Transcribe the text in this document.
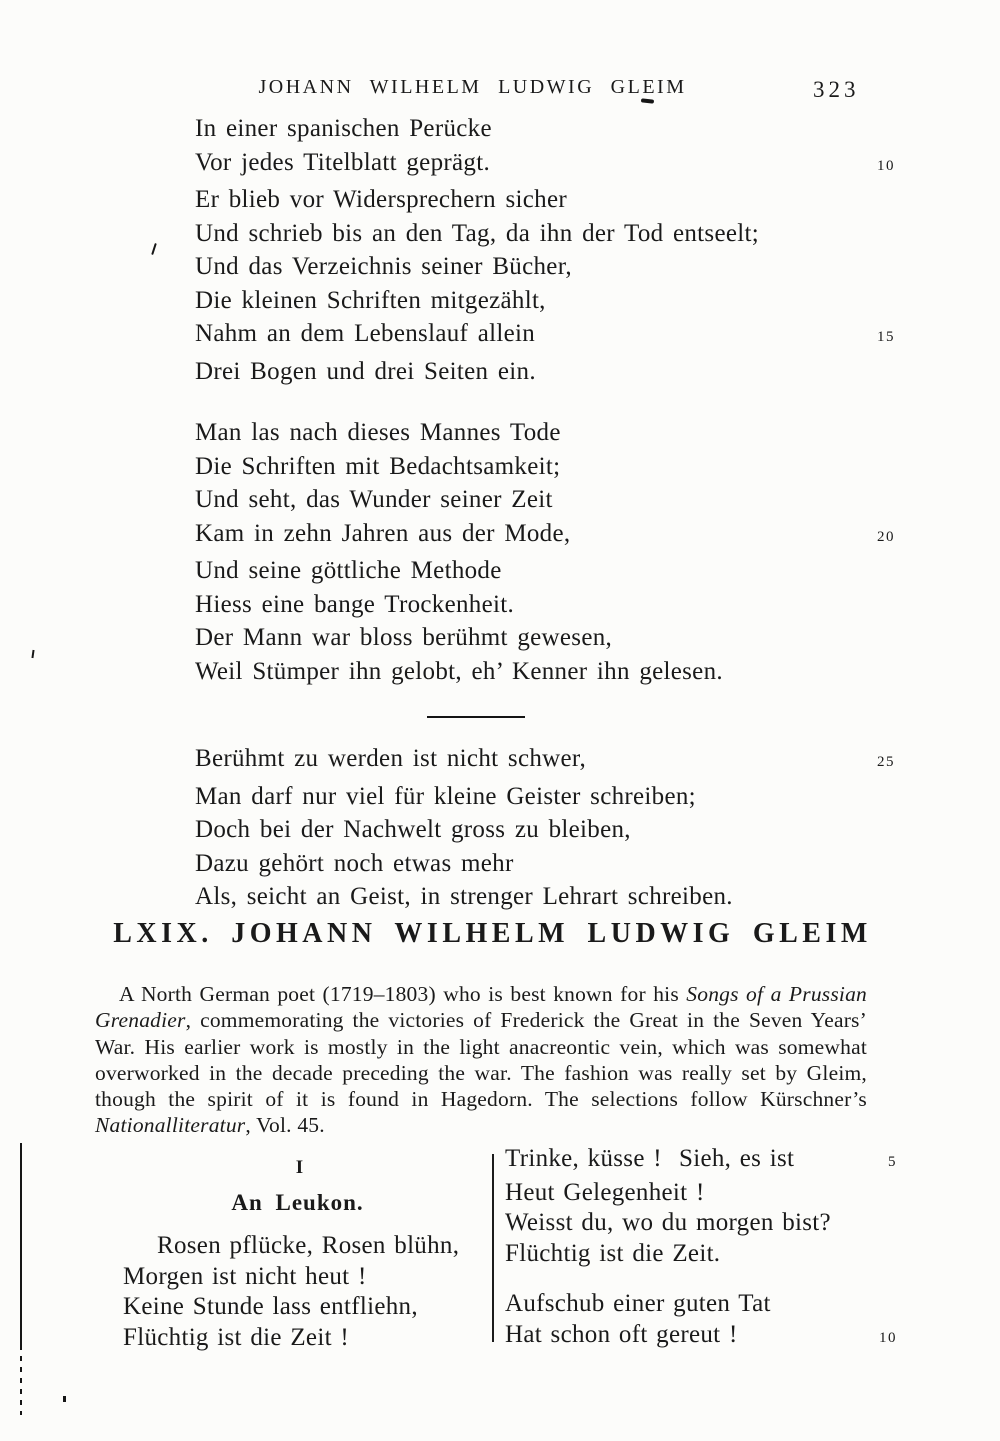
JOHANN WILHELM LUDWIG GLEIM	323
In einer spanischen Perücke
Vor jedes Titelblatt geprägt.	10
Er blieb vor Widersprechern sicher
Und schrieb bis an den Tag, da ihn der Tod entseelt;
Und das Verzeichnis seiner Bücher,
Die kleinen Schriften mitgezählt,
Nahm an dem Lebenslauf allein	15
Drei Bogen und drei Seiten ein.
Man las nach dieses Mannes Tode
Die Schriften mit Bedachtsamkeit;
Und seht, das Wunder seiner Zeit
Kam in zehn Jahren aus der Mode,	20
Und seine göttliche Methode
Hiess eine bange Trockenheit.
Der Mann war bloss berühmt gewesen,
Weil Stümper ihn gelobt, eh’ Kenner ihn gelesen.
Berühmt zu werden ist nicht schwer,	25
Man darf nur viel für kleine Geister schreiben;
Doch bei der Nachwelt gross zu bleiben,
Dazu gehört noch etwas mehr
Als, seicht an Geist, in strenger Lehrart schreiben.
LXIX. JOHANN WILHELM LUDWIG GLEIM

A North German poet (1719–1803) who is best known for his Songs of a Prussian Grenadier, commemorating the victories of Frederick the Great in the Seven Years’ War. His earlier work is mostly in the light anacreontic vein, which was somewhat overworked in the decade preceding the war. The fashion was really set by Gleim, though the spirit of it is found in Hagedorn. The selections follow Kürschner’s Nationalliteratur, Vol. 45.

I
An Leukon.
Rosen pflücke, Rosen blühn,
Morgen ist nicht heut !
Keine Stunde lass entfliehn,
Flüchtig ist die Zeit !
Trinke, küsse !  Sieh, es ist	5
Heut Gelegenheit !
Weisst du, wo du morgen bist?
Flüchtig ist die Zeit.
Aufschub einer guten Tat
Hat schon oft gereut !	10
